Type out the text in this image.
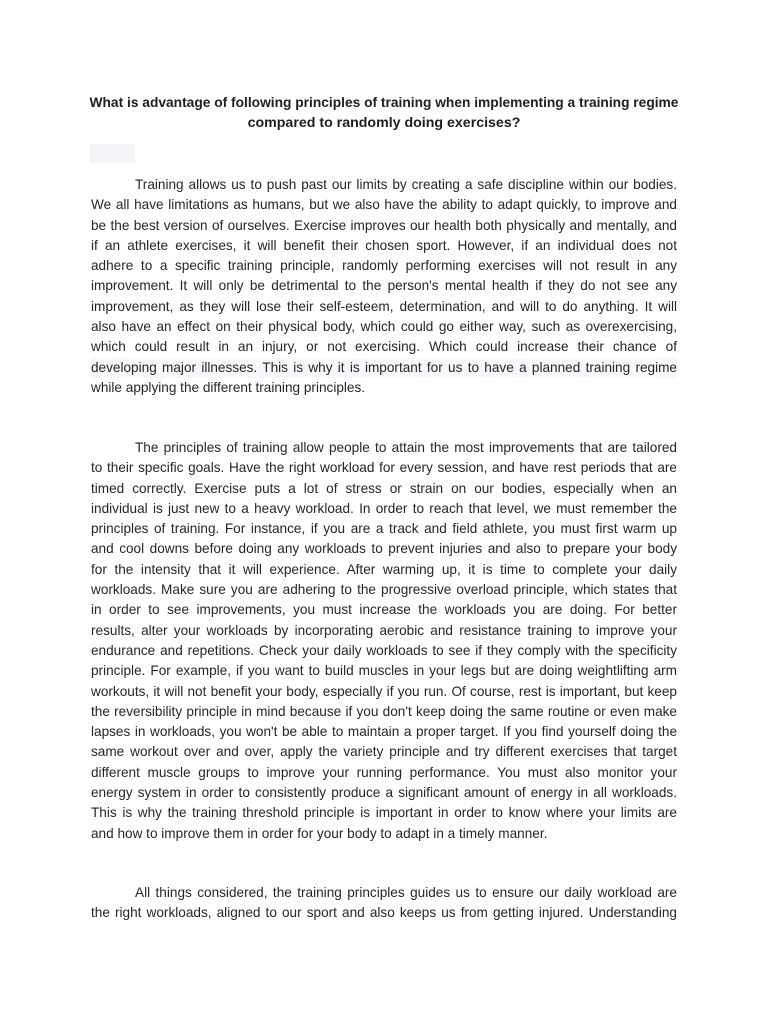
What is advantage of following principles of training when implementing a training regime
compared to randomly doing exercises?
Training allows us to push past our limits by creating a safe discipline within our bodies.
We all have limitations as humans, but we also have the ability to adapt quickly, to improve and
be the best version of ourselves. Exercise improves our health both physically and mentally, and
if an athlete exercises, it will benefit their chosen sport. However, if an individual does not
adhere to a specific training principle, randomly performing exercises will not result in any
improvement. It will only be detrimental to the person's mental health if they do not see any
improvement, as they will lose their self-esteem, determination, and will to do anything. It will
also have an effect on their physical body, which could go either way, such as overexercising,
which could result in an injury, or not exercising. Which could increase their chance of
developing major illnesses. This is why it is important for us to have a planned training regime
while applying the different training principles.
The principles of training allow people to attain the most improvements that are tailored
to their specific goals. Have the right workload for every session, and have rest periods that are
timed correctly. Exercise puts a lot of stress or strain on our bodies, especially when an
individual is just new to a heavy workload. In order to reach that level, we must remember the
principles of training. For instance, if you are a track and field athlete, you must first warm up
and cool downs before doing any workloads to prevent injuries and also to prepare your body
for the intensity that it will experience. After warming up, it is time to complete your daily
workloads. Make sure you are adhering to the progressive overload principle, which states that
in order to see improvements, you must increase the workloads you are doing. For better
results, alter your workloads by incorporating aerobic and resistance training to improve your
endurance and repetitions. Check your daily workloads to see if they comply with the specificity
principle. For example, if you want to build muscles in your legs but are doing weightlifting arm
workouts, it will not benefit your body, especially if you run. Of course, rest is important, but keep
the reversibility principle in mind because if you don't keep doing the same routine or even make
lapses in workloads, you won't be able to maintain a proper target. If you find yourself doing the
same workout over and over, apply the variety principle and try different exercises that target
different muscle groups to improve your running performance. You must also monitor your
energy system in order to consistently produce a significant amount of energy in all workloads.
This is why the training threshold principle is important in order to know where your limits are
and how to improve them in order for your body to adapt in a timely manner.
All things considered, the training principles guides us to ensure our daily workload are
the right workloads, aligned to our sport and also keeps us from getting injured. Understanding
